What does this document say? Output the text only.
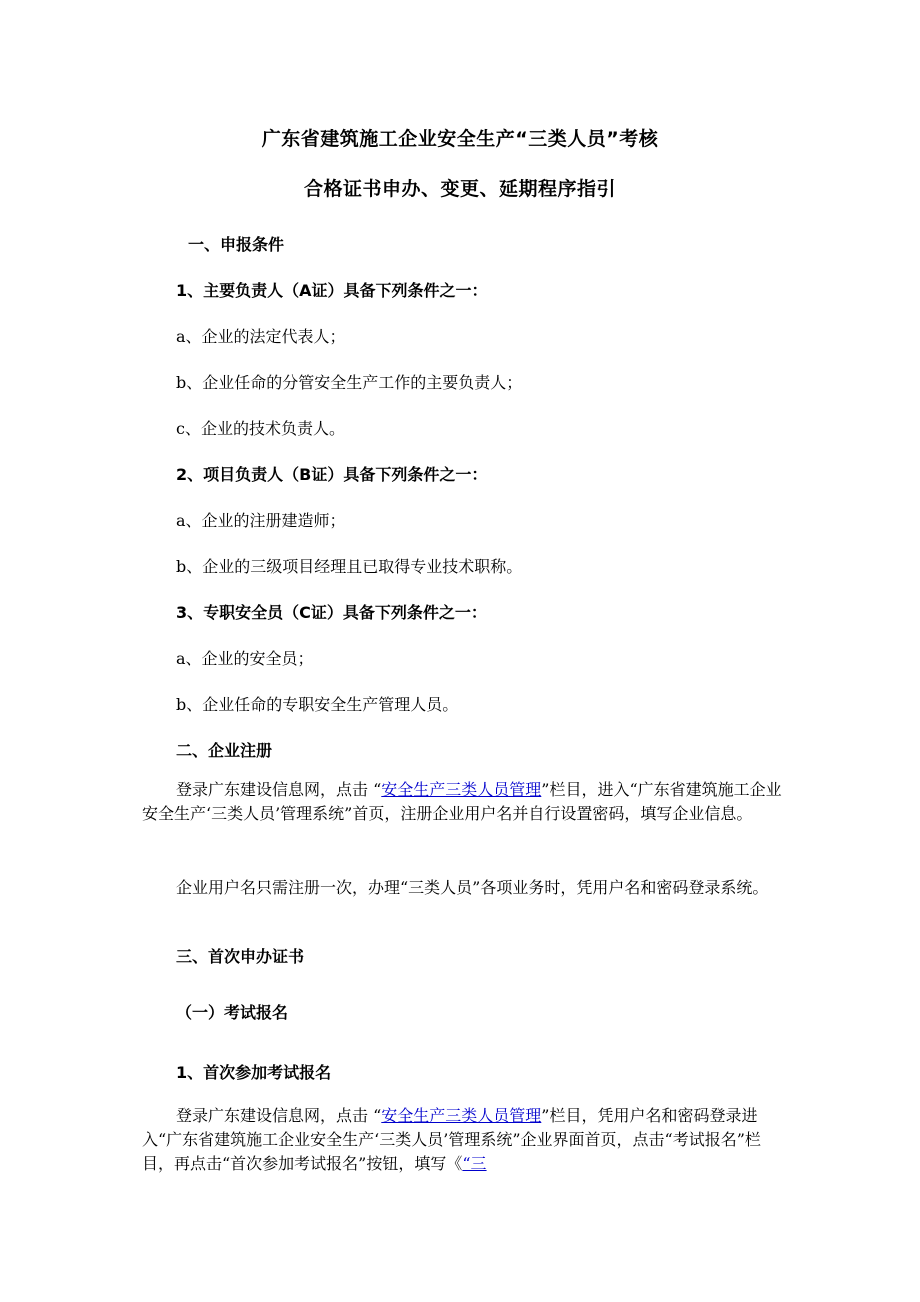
广东省建筑施工企业安全生产“三类人员”考核
合格证书申办、变更、延期程序指引
一、申报条件
1、主要负责人（A证）具备下列条件之一：
a、企业的法定代表人；
b、企业任命的分管安全生产工作的主要负责人；
c、企业的技术负责人。
2、项目负责人（B证）具备下列条件之一：
a、企业的注册建造师；
b、企业的三级项目经理且已取得专业技术职称。
3、专职安全员（C证）具备下列条件之一：
a、企业的安全员；
b、企业任命的专职安全生产管理人员。
二、企业注册
登录广东建设信息网，点击 “安全生产三类人员管理”栏目，进入“广东省建筑施工企业安全生产‘三类人员’管理系统”首页，注册企业用户名并自行设置密码，填写企业信息。
企业用户名只需注册一次，办理“三类人员”各项业务时，凭用户名和密码登录系统。
三、首次申办证书
（一）考试报名
1、首次参加考试报名
登录广东建设信息网，点击 “安全生产三类人员管理”栏目，凭用户名和密码登录进入“广东省建筑施工企业安全生产‘三类人员’管理系统”企业界面首页，点击“考试报名”栏目，再点击“首次参加考试报名”按钮，填写《“三
